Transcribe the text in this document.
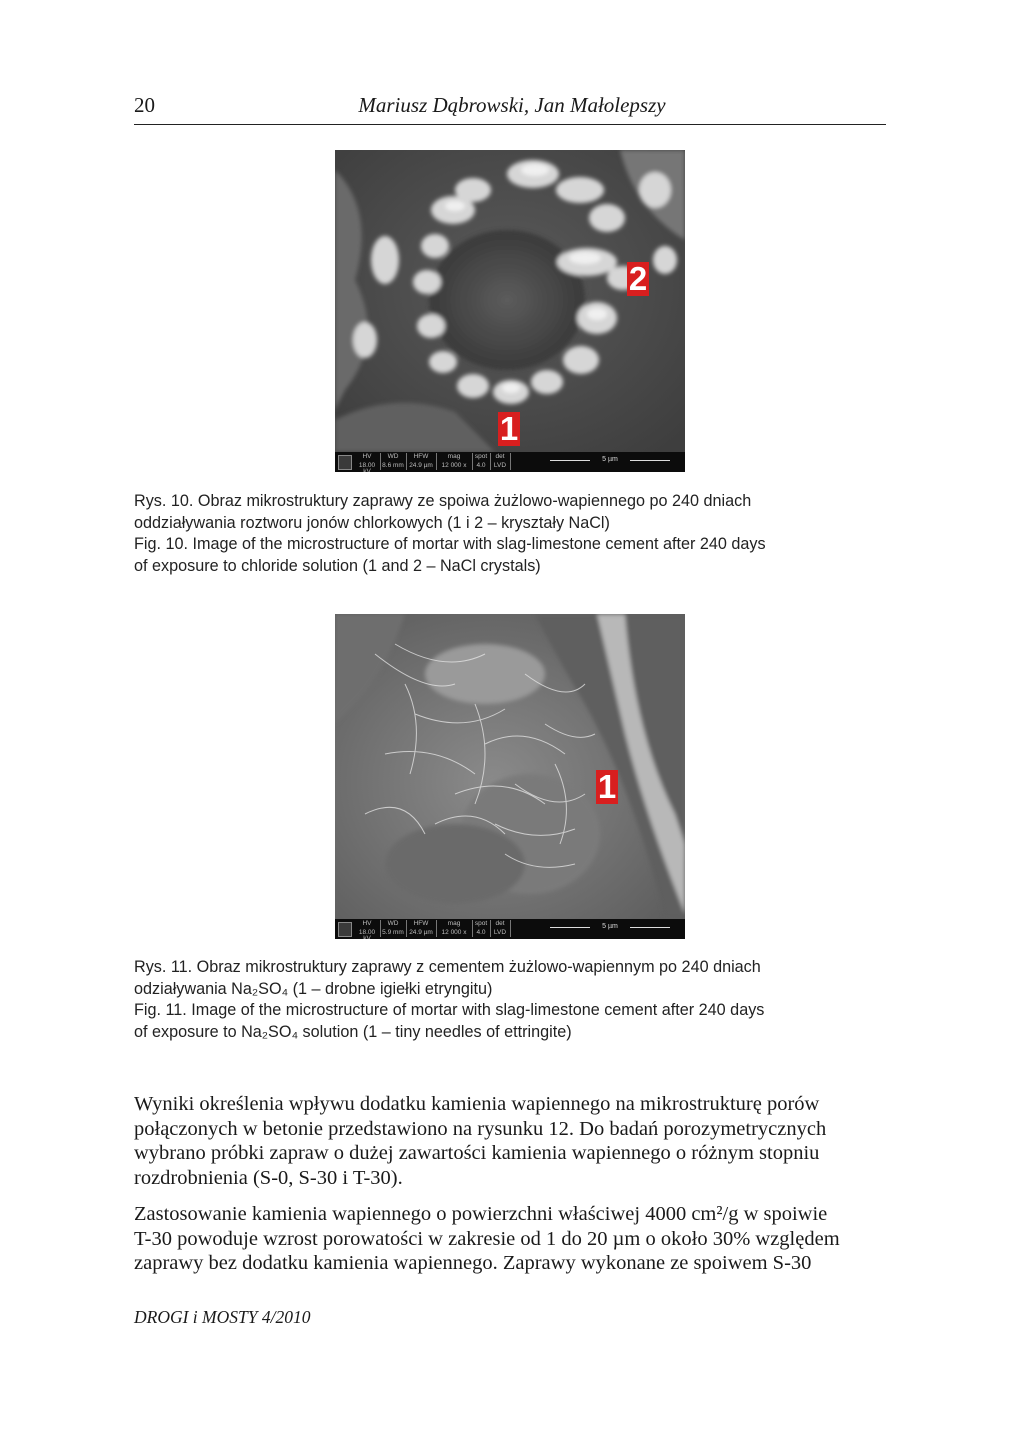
20	Mariusz Dąbrowski, Jan Małolepszy
2
1
HV
18.00 kV
WD
8.6 mm
HFW
24.9 µm
mag
12 000 x
spot
4.0
det
LVD
5 µm

Rys. 10. Obraz mikrostruktury zaprawy ze spoiwa żużlowo-wapiennego po 240 dniach

oddziaływania roztworu jonów chlorkowych (1 i 2 – kryształy NaCl)

Fig. 10. Image of the microstructure of mortar with slag-limestone cement after 240 days

of exposure to chloride solution (1 and 2 – NaCl crystals)

1
HV
18.00 kV
WD
5.9 mm
HFW
24.9 µm
mag
12 000 x
spot
4.0
det
LVD
5 µm

Rys. 11. Obraz mikrostruktury zaprawy z cementem żużlowo-wapiennym po 240 dniach

odziaływania Na₂SO₄ (1 – drobne igiełki etryngitu)

Fig. 11. Image of the microstructure of mortar with slag-limestone cement after 240 days

of exposure to Na₂SO₄ solution (1 – tiny needles of ettringite)

Wyniki określenia wpływu dodatku kamienia wapiennego na mikrostrukturę porów

połączonych w betonie przedstawiono na rysunku 12. Do badań porozymetrycznych

wybrano próbki zapraw o dużej zawartości kamienia wapiennego o różnym stopniu

rozdrobnienia (S-0, S-30 i T-30).

Zastosowanie kamienia wapiennego o powierzchni właściwej 4000 cm²/g w spoiwie

T-30 powoduje wzrost porowatości w zakresie od 1 do 20 µm o około 30% względem

zaprawy bez dodatku kamienia wapiennego. Zaprawy wykonane ze spoiwem S-30

DROGI i MOSTY 4/2010
